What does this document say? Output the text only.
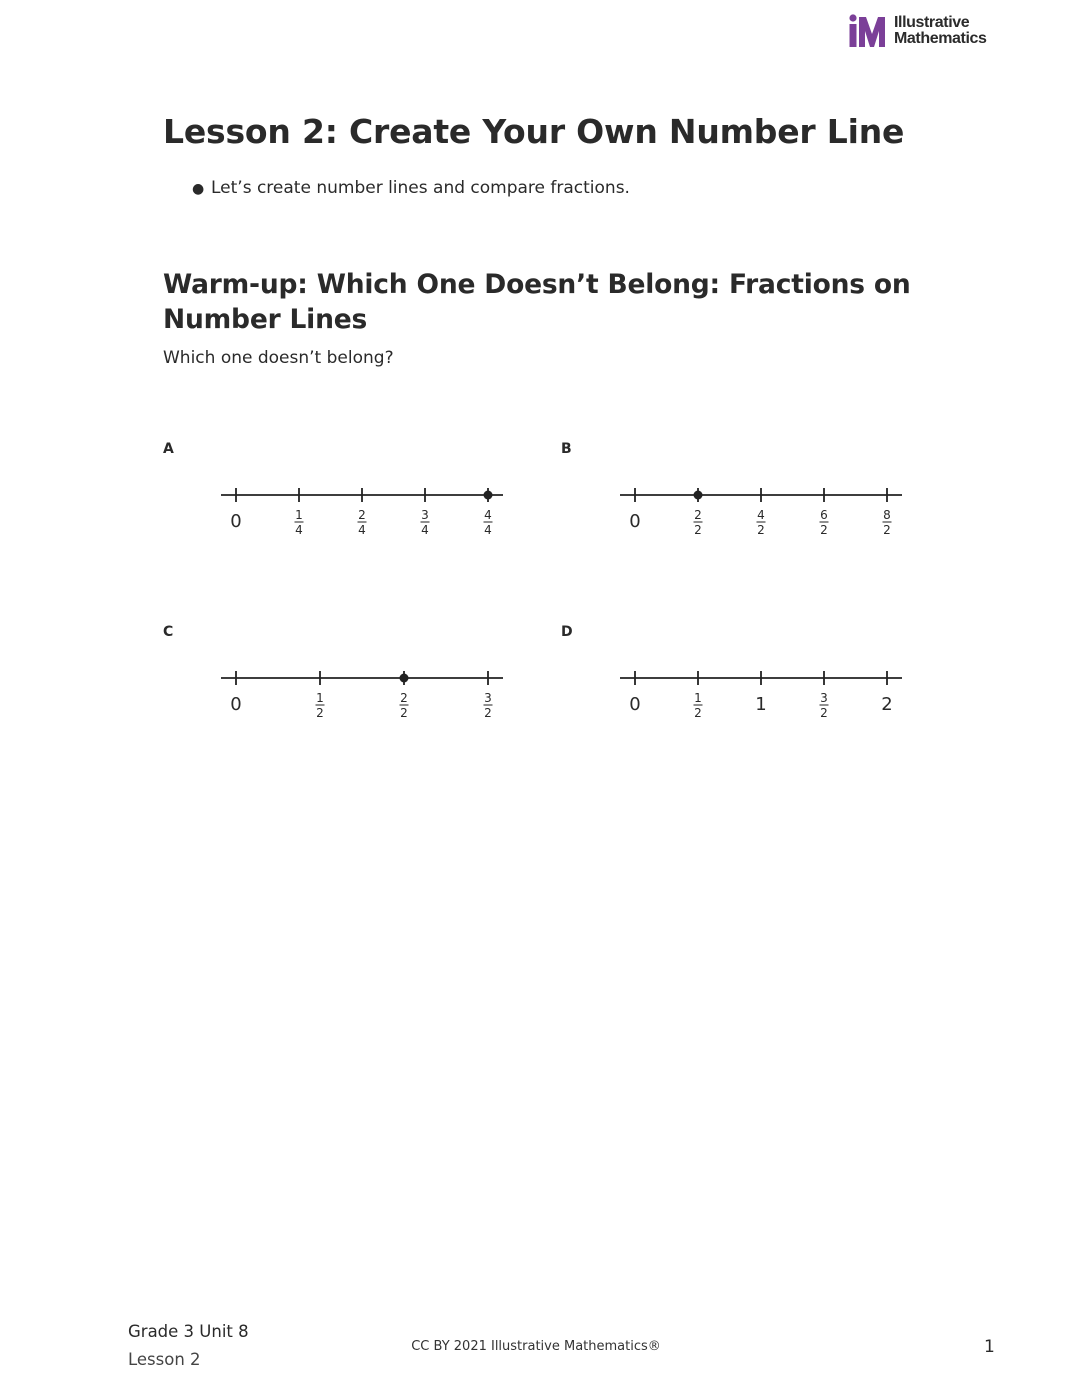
Illustrative
Mathematics
Lesson 2: Create Your Own Number Line
● Let’s create number lines and compare fractions.
Warm-up: Which One Doesn’t Belong: Fractions on Number Lines

Which one doesn’t belong?

A	B
C	D
0	1
4
2
4
3
4
4
4	0	2
2
4
2
6
2
8
2
0	1
2
2
2
3
2	0	1
2	1	3
2	2
Grade 3 Unit 8
Lesson 2
CC BY 2021 Illustrative Mathematics®	1
